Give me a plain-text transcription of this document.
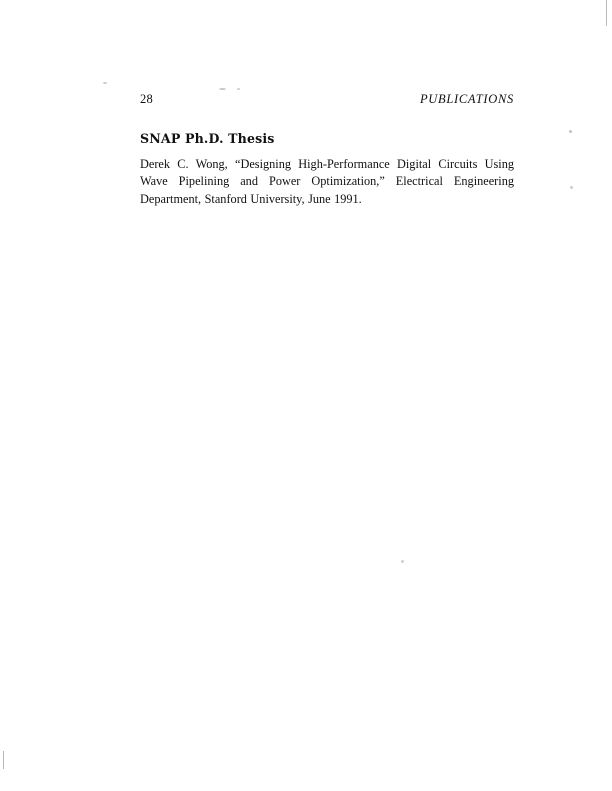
28	PUBLICATIONS
SNAP Ph.D. Thesis

Derek C. Wong, “Designing High-Performance Digital Circuits Using Wave Pipelining and Power Optimization,” Electrical Engineering Department, Stanford University, June 1991.
